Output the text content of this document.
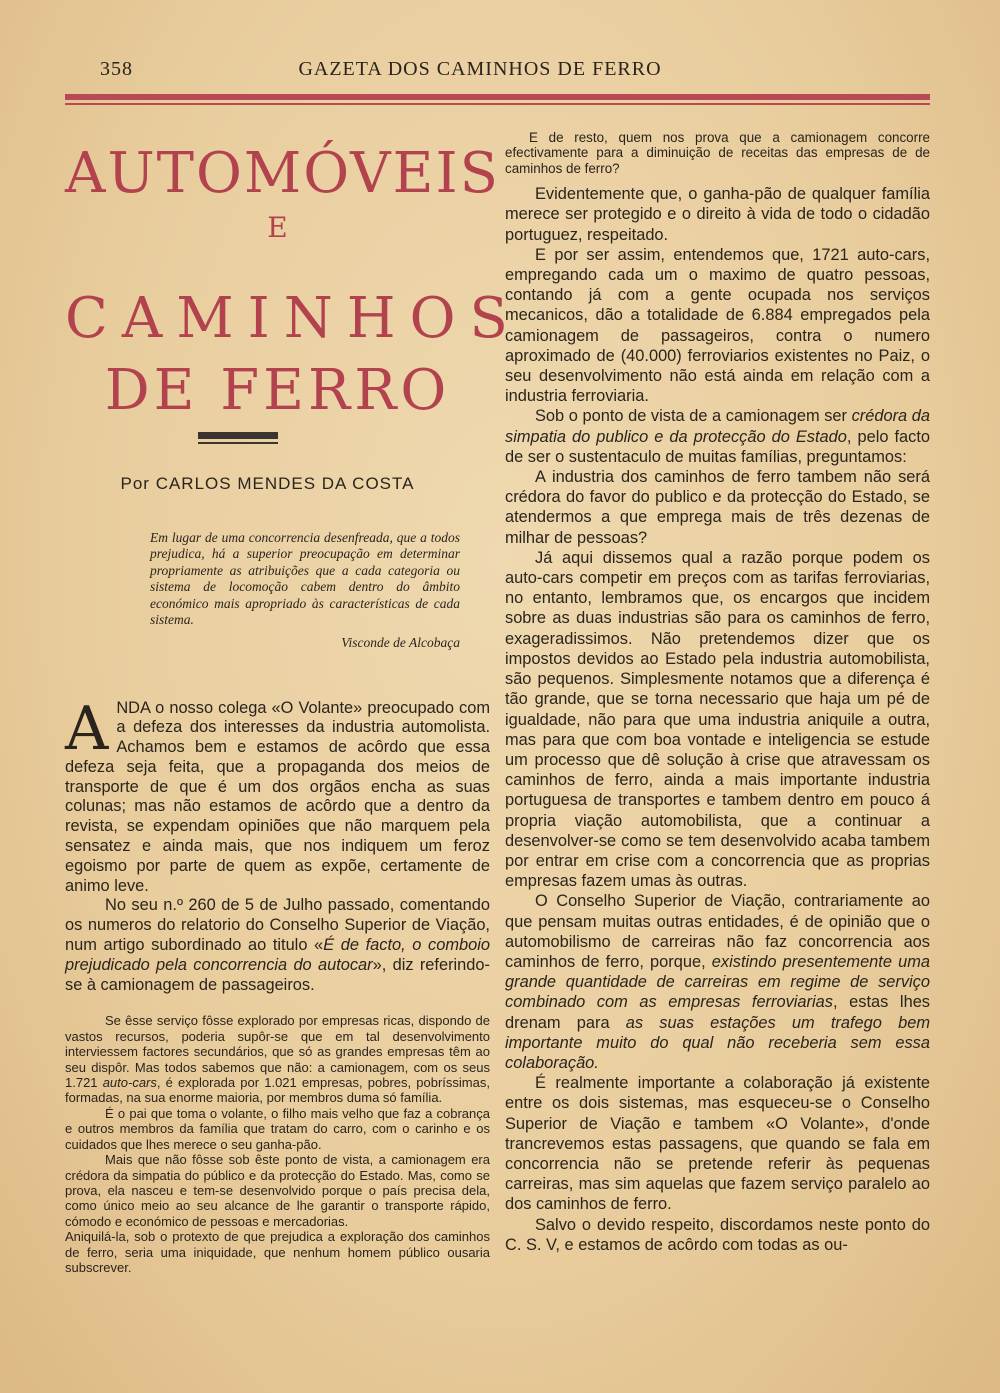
358	GAZETA DOS CAMINHOS DE FERRO
AUTOMÓVEIS
E
CAMINHOS
DE FERRO
Por CARLOS MENDES DA COSTA
Em lugar de uma concorrencia desenfreada, que a todos prejudica, há a superior preocupação em determinar propriamente as atribuições que a cada categoria ou sistema de locomoção cabem dentro do âmbito económico mais apropriado às características de cada sistema.
Visconde de Alcobaça

ANDA o nosso colega «O Volante» preocupado com a defeza dos interesses da industria automolista. Achamos bem e estamos de acôrdo que essa defeza seja feita, que a propaganda dos meios de transporte de que é um dos orgãos encha as suas colunas; mas não estamos de acôrdo que a dentro da revista, se expendam opiniões que não marquem pela sensatez e ainda mais, que nos indiquem um feroz egoismo por parte de quem as expõe, certamente de animo leve.

No seu n.º 260 de 5 de Julho passado, comentando os numeros do relatorio do Conselho Superior de Viação, num artigo subordinado ao titulo «É de facto, o comboio prejudicado pela concorrencia do autocar», diz referindo-se à camionagem de passageiros.

Se êsse serviço fôsse explorado por empresas ricas, dispondo de vastos recursos, poderia supôr-se que em tal desenvolvimento interviessem factores secundários, que só as grandes empresas têm ao seu dispôr. Mas todos sabemos que não: a camionagem, com os seus 1.721 auto-cars, é explorada por 1.021 empresas, pobres, pobríssimas, formadas, na sua enorme maioria, por membros duma só família.

É o pai que toma o volante, o filho mais velho que faz a cobrança e outros membros da família que tratam do carro, com o carinho e os cuidados que lhes merece o seu ganha-pão.

Mais que não fôsse sob êste ponto de vista, a camionagem era crédora da simpatia do público e da protecção do Estado. Mas, como se prova, ela nasceu e tem-se desenvolvido porque o país precisa dela, como único meio ao seu alcance de lhe garantir o transporte rápido, cómodo e económico de pessoas e mercadorias.

Aniquilá-la, sob o protexto de que prejudica a exploração dos caminhos de ferro, seria uma iniquidade, que nenhum homem público ousaria subscrever.

E de resto, quem nos prova que a camionagem concorre efectivamente para a diminuição de receitas das empresas de de caminhos de ferro?

Evidentemente que, o ganha-pão de qualquer família merece ser protegido e o direito à vida de todo o cidadão portuguez, respeitado.

E por ser assim, entendemos que, 1721 auto-cars, empregando cada um o maximo de quatro pessoas, contando já com a gente ocupada nos serviços mecanicos, dão a totalidade de 6.884 empregados pela camionagem de passageiros, contra o numero aproximado de (40.000) ferroviarios existentes no Paiz, o seu desenvolvimento não está ainda em relação com a industria ferroviaria.

Sob o ponto de vista de a camionagem ser crédora da simpatia do publico e da protecção do Estado, pelo facto de ser o sustentaculo de muitas famílias, preguntamos:

A industria dos caminhos de ferro tambem não será crédora do favor do publico e da protecção do Estado, se atendermos a que emprega mais de três dezenas de milhar de pessoas?

Já aqui dissemos qual a razão porque podem os auto-cars competir em preços com as tarifas ferroviarias, no entanto, lembramos que, os encargos que incidem sobre as duas industrias são para os caminhos de ferro, exageradissimos. Não pretendemos dizer que os impostos devidos ao Estado pela industria automobilista, são pequenos. Simplesmente notamos que a diferença é tão grande, que se torna necessario que haja um pé de igualdade, não para que uma industria aniquile a outra, mas para que com boa vontade e inteligencia se estude um processo que dê solução à crise que atravessam os caminhos de ferro, ainda a mais importante industria portuguesa de transportes e tambem dentro em pouco á propria viação automobilista, que a continuar a desenvolver-se como se tem desenvolvido acaba tambem por entrar em crise com a concorrencia que as proprias empresas fazem umas às outras.

O Conselho Superior de Viação, contrariamente ao que pensam muitas outras entidades, é de opinião que o automobilismo de carreiras não faz concorrencia aos caminhos de ferro, porque, existindo presentemente uma grande quantidade de carreiras em regime de serviço combinado com as empresas ferroviarias, estas lhes drenam para as suas estações um trafego bem importante muito do qual não receberia sem essa colaboração.

É realmente importante a colaboração já existente entre os dois sistemas, mas esqueceu-se o Conselho Superior de Viação e tambem «O Volante», d'onde trancrevemos estas passagens, que quando se fala em concorrencia não se pretende referir às pequenas carreiras, mas sim aquelas que fazem serviço paralelo ao dos caminhos de ferro.

Salvo o devido respeito, discordamos neste ponto do C. S. V, e estamos de acôrdo com todas as ou-
